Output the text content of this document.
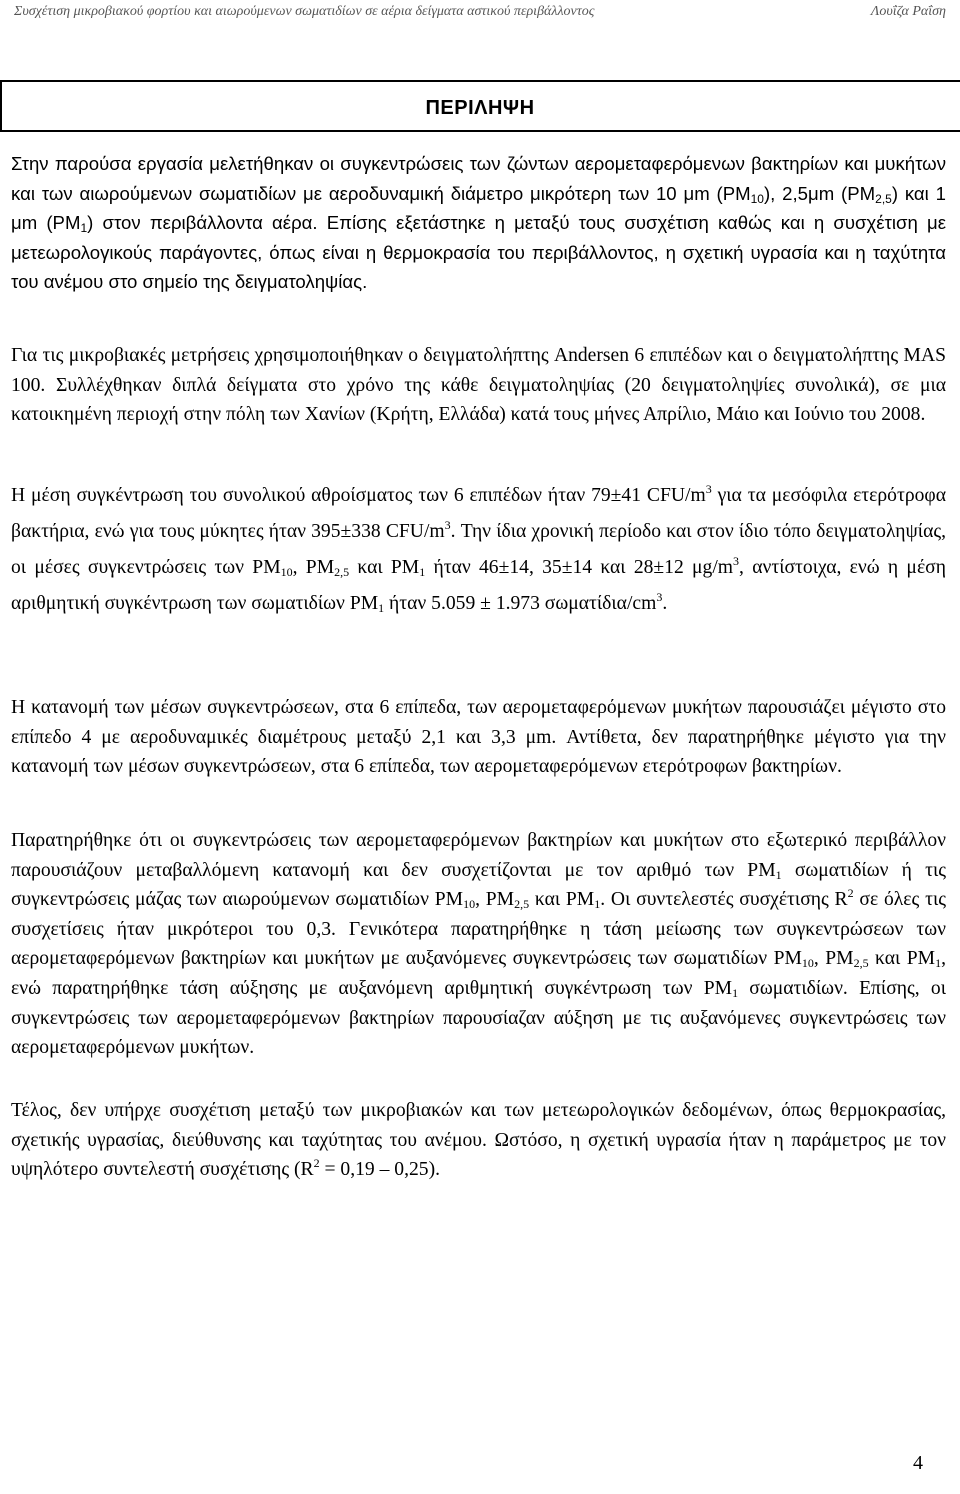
Συσχέτιση μικροβιακού φορτίου και αιωρούμενων σωματιδίων σε αέρια δείγματα αστικού περιβάλλοντος	Λουΐζα Ραΐση
ΠΕΡΙΛΗΨΗ

Στην παρούσα εργασία μελετήθηκαν οι συγκεντρώσεις των ζώντων αερομεταφερόμενων βακτηρίων και μυκήτων και των αιωρούμενων σωματιδίων με αεροδυναμική διάμετρο μικρότερη των 10 μm $(PM_{10})$, 2,5μm $(PM_{2,5})$ και 1 μm $(PM_1)$ στον περιβάλλοντα αέρα. Επίσης εξετάστηκε η μεταξύ τους συσχέτιση καθώς και η συσχέτιση με μετεωρολογικούς παράγοντες, όπως είναι η θερμοκρασία του περιβάλλοντος, η σχετική υγρασία και η ταχύτητα του ανέμου στο σημείο της δειγματοληψίας.

Για τις μικροβιακές μετρήσεις χρησιμοποιήθηκαν ο δειγματολήπτης Andersen 6 επιπέδων και ο δειγματολήπτης MAS 100. Συλλέχθηκαν διπλά δείγματα στο χρόνο της κάθε δειγματοληψίας (20 δειγματοληψίες συνολικά), σε μια κατοικημένη περιοχή στην πόλη των Χανίων (Κρήτη, Ελλάδα) κατά τους μήνες Απρίλιο, Μάιο και Ιούνιο του 2008.

Η μέση συγκέντρωση του συνολικού αθροίσματος των 6 επιπέδων ήταν 79±41 CFU/$m^3$ για τα μεσόφιλα ετερότροφα βακτήρια, ενώ για τους μύκητες ήταν 395±338 CFU/$m^3$. Την ίδια χρονική περίοδο και στον ίδιο τόπο δειγματοληψίας, οι μέσες συγκεντρώσεις των $PM_{10}$, $PM_{2,5}$ και $PM_1$ ήταν 46±14, 35±14 και 28±12 $\mu g/m^3$, αντίστοιχα, ενώ η μέση αριθμητική συγκέντρωση των σωματιδίων $PM_1$ ήταν 5.059 ± 1.973 σωματίδια/$cm^3$.

Η κατανομή των μέσων συγκεντρώσεων, στα 6 επίπεδα, των αερομεταφερόμενων μυκήτων παρουσιάζει μέγιστο στο επίπεδο 4 με αεροδυναμικές διαμέτρους μεταξύ 2,1 και 3,3 μm. Αντίθετα, δεν παρατηρήθηκε μέγιστο για την κατανομή των μέσων συγκεντρώσεων, στα 6 επίπεδα, των αερομεταφερόμενων ετερότροφων βακτηρίων.

Παρατηρήθηκε ότι οι συγκεντρώσεις των αερομεταφερόμενων βακτηρίων και μυκήτων στο εξωτερικό περιβάλλον παρουσιάζουν μεταβαλλόμενη κατανομή και δεν συσχετίζονται με τον αριθμό των $PM_1$ σωματιδίων ή τις συγκεντρώσεις μάζας των αιωρούμενων σωματιδίων $PM_{10}$, $PM_{2,5}$ και $PM_1$. Οι συντελεστές συσχέτισης $R^2$ σε όλες τις συσχετίσεις ήταν μικρότεροι του 0,3. Γενικότερα παρατηρήθηκε η τάση μείωσης των συγκεντρώσεων των αερομεταφερόμενων βακτηρίων και μυκήτων με αυξανόμενες συγκεντρώσεις των σωματιδίων $PM_{10}$, $PM_{2,5}$ και $PM_1$, ενώ παρατηρήθηκε τάση αύξησης με αυξανόμενη αριθμητική συγκέντρωση των $PM_1$ σωματιδίων. Επίσης, οι συγκεντρώσεις των αερομεταφερόμενων βακτηρίων παρουσίαζαν αύξηση με τις αυξανόμενες συγκεντρώσεις των αερομεταφερόμενων μυκήτων.

Τέλος, δεν υπήρχε συσχέτιση μεταξύ των μικροβιακών και των μετεωρολογικών δεδομένων, όπως θερμοκρασίας, σχετικής υγρασίας, διεύθυνσης και ταχύτητας του ανέμου. Ωστόσο, η σχετική υγρασία ήταν η παράμετρος με τον υψηλότερο συντελεστή συσχέτισης $(R^2 = 0,19 - 0,25)$.

4
